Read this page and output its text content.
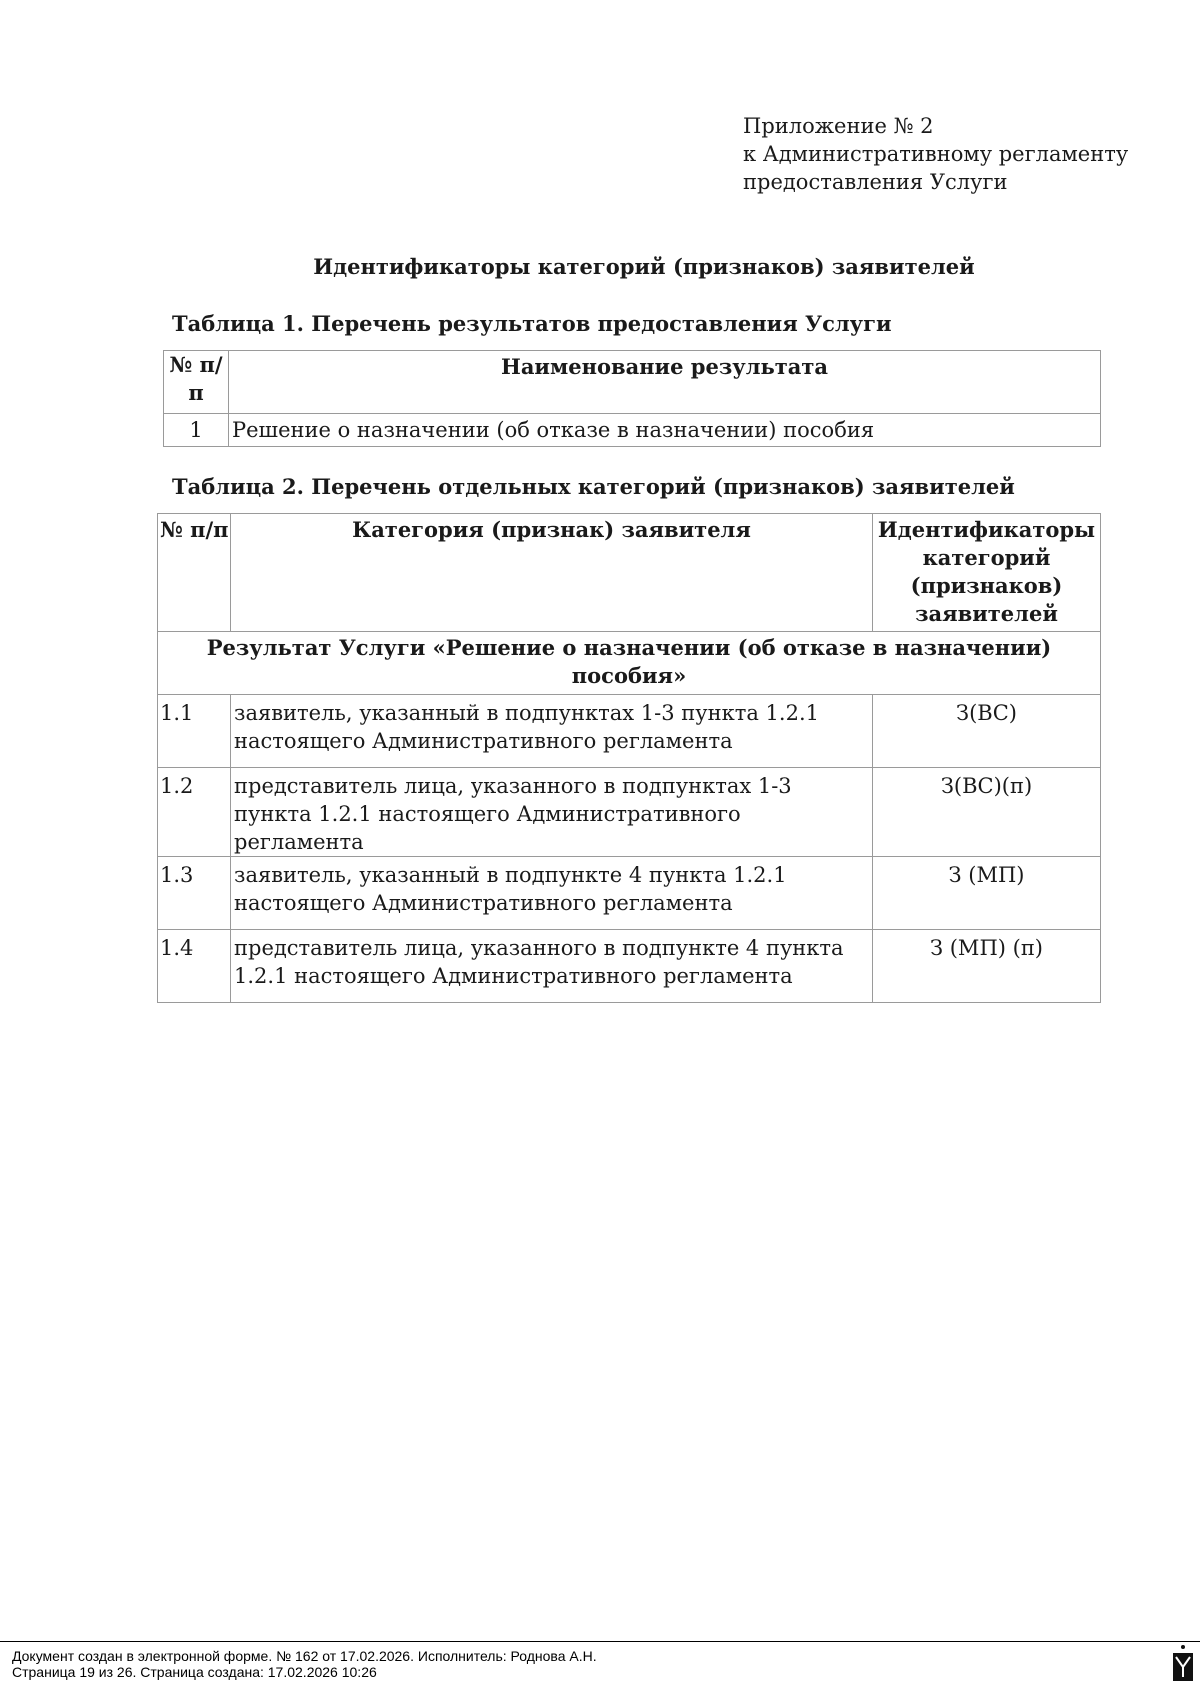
Приложение № 2
к Административному регламенту
предоставления Услуги
Идентификаторы категорий (признаков) заявителей
Таблица 1. Перечень результатов предоставления Услуги
№ п/п	Наименование результата
1	Решение о назначении (об отказе в назначении) пособия
Таблица 2. Перечень отдельных категорий (признаков) заявителей
№ п/п	Категория (признак) заявителя	Идентификаторы категорий (признаков) заявителей
Результат Услуги «Решение о назначении (об отказе в назначении) пособия»		
1.1	заявитель, указанный в подпунктах 1-3 пункта 1.2.1 настоящего Административного регламента	З(ВС)
1.2	представитель лица, указанного в подпунктах 1-3 пункта 1.2.1 настоящего Административного регламента	З(ВС)(п)
1.3	заявитель, указанный в подпункте 4 пункта 1.2.1 настоящего Административного регламента	З (МП)
1.4	представитель лица, указанного в подпункте 4 пункта 1.2.1 настоящего Административного регламента	З (МП) (п)
Документ создан в электронной форме. № 162 от 17.02.2026. Исполнитель: Роднова А.Н.
Страница 19 из 26. Страница создана: 17.02.2026 10:26
